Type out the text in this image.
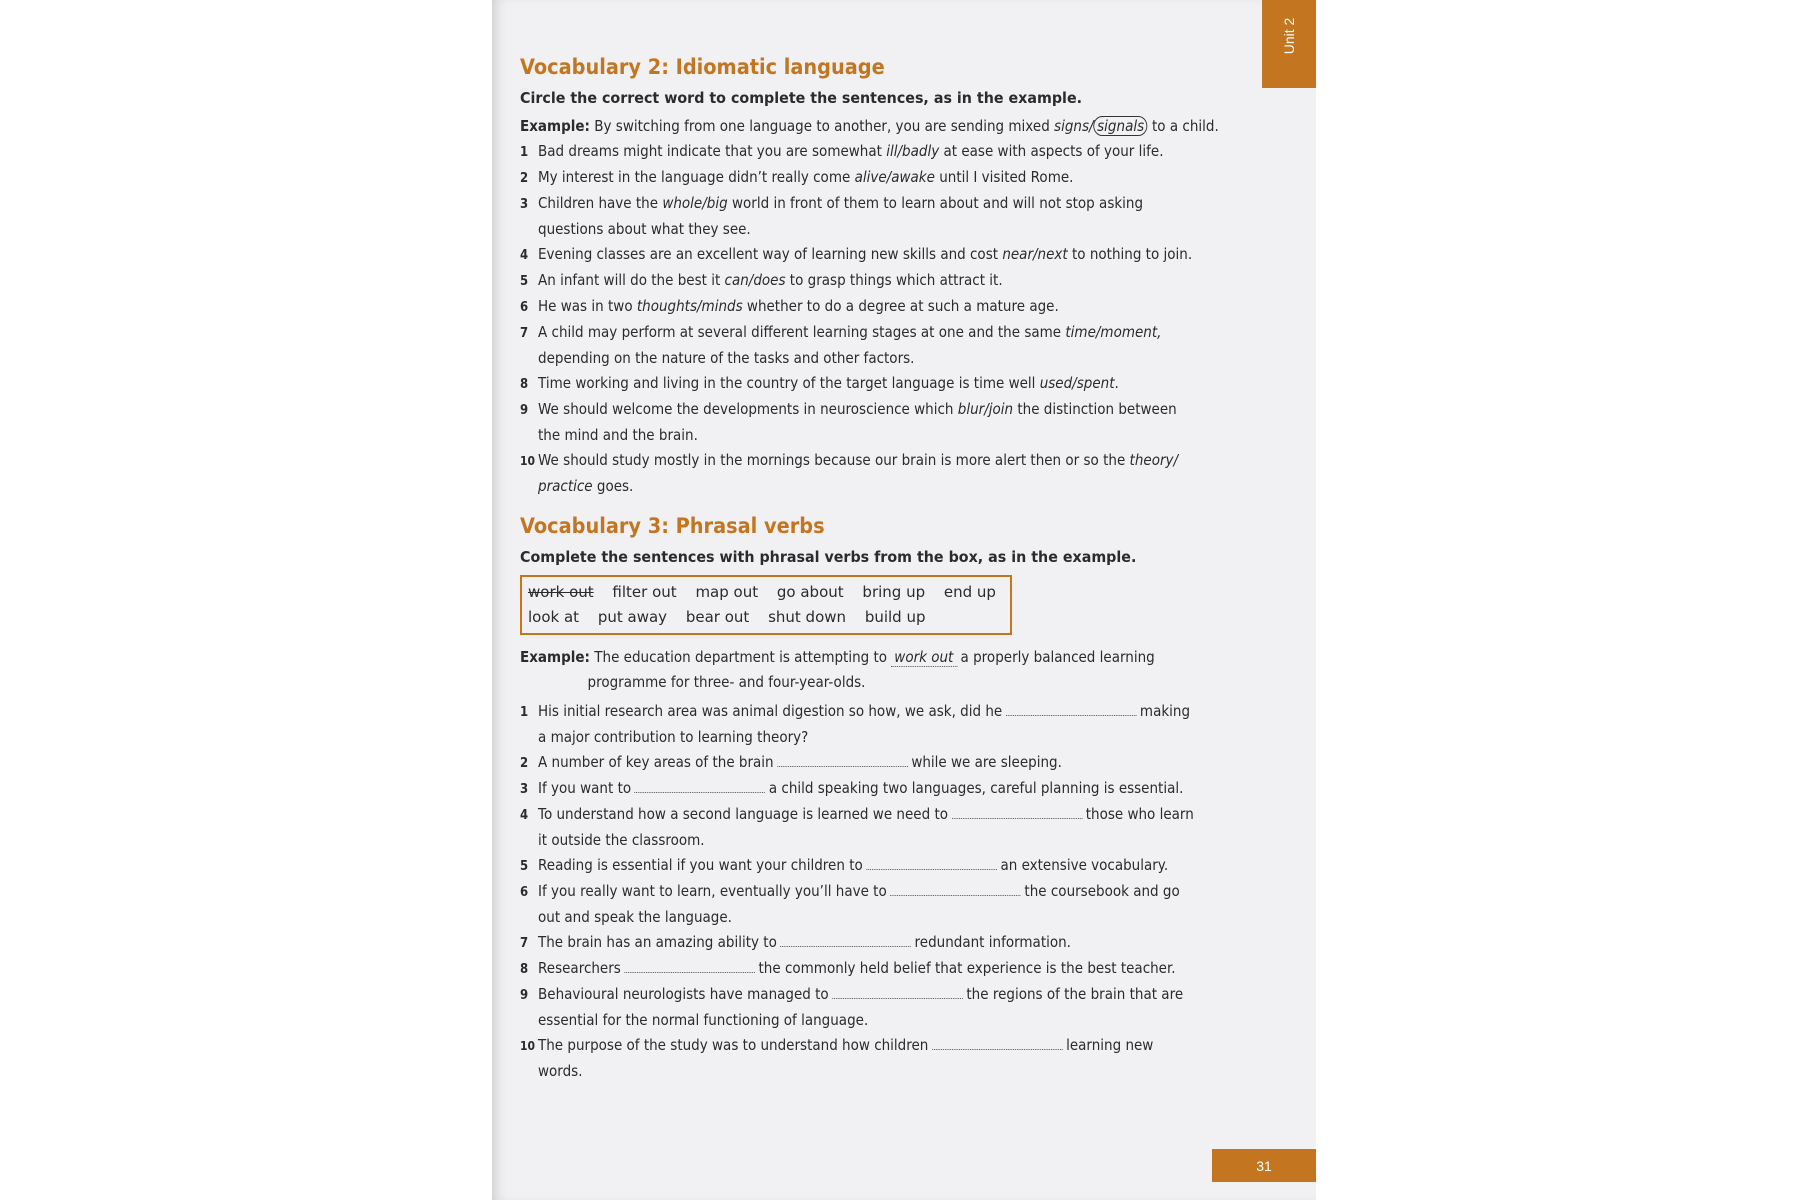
Unit 2
Vocabulary 2: Idiomatic language
Circle the correct word to complete the sentences, as in the example.
Example: By switching from one language to another, you are sending mixed signs/ signals to a child.
1 Bad dreams might indicate that you are somewhat ill/badly at ease with aspects of your life.
2 My interest in the language didn’t really come alive/awake until I visited Rome.
3 Children have the whole/big world in front of them to learn about and will not stop asking
questions about what they see.
4 Evening classes are an excellent way of learning new skills and cost near/next to nothing to join.
5 An infant will do the best it can/does to grasp things which attract it.
6 He was in two thoughts/minds whether to do a degree at such a mature age.
7 A child may perform at several different learning stages at one and the same time/moment,
depending on the nature of the tasks and other factors.
8 Time working and living in the country of the target language is time well used/spent.
9 We should welcome the developments in neuroscience which blur/join the distinction between
the mind and the brain.
10 We should study mostly in the mornings because our brain is more alert then or so the theory/
practice goes.
Vocabulary 3: Phrasal verbs
Complete the sentences with phrasal verbs from the box, as in the example.
work out filter out map out go about bring up end up
look at put away bear out shut down build up
Example: The education department is attempting to work out a properly balanced learning
programme for three- and four-year-olds.
1 His initial research area was animal digestion so how, we ask, did he	making
a major contribution to learning theory?
2 A number of key areas of the brain	while we are sleeping.
3 If you want to	a child speaking two languages, careful planning is essential.
4 To understand how a second language is learned we need to	those who learn
it outside the classroom.
5 Reading is essential if you want your children to	an extensive vocabulary.
6 If you really want to learn, eventually you’ll have to	the coursebook and go
out and speak the language.
7 The brain has an amazing ability to	redundant information.
8 Researchers	the commonly held belief that experience is the best teacher.
9 Behavioural neurologists have managed to	the regions of the brain that are
essential for the normal functioning of language.
10 The purpose of the study was to understand how children	learning new
words.
31
